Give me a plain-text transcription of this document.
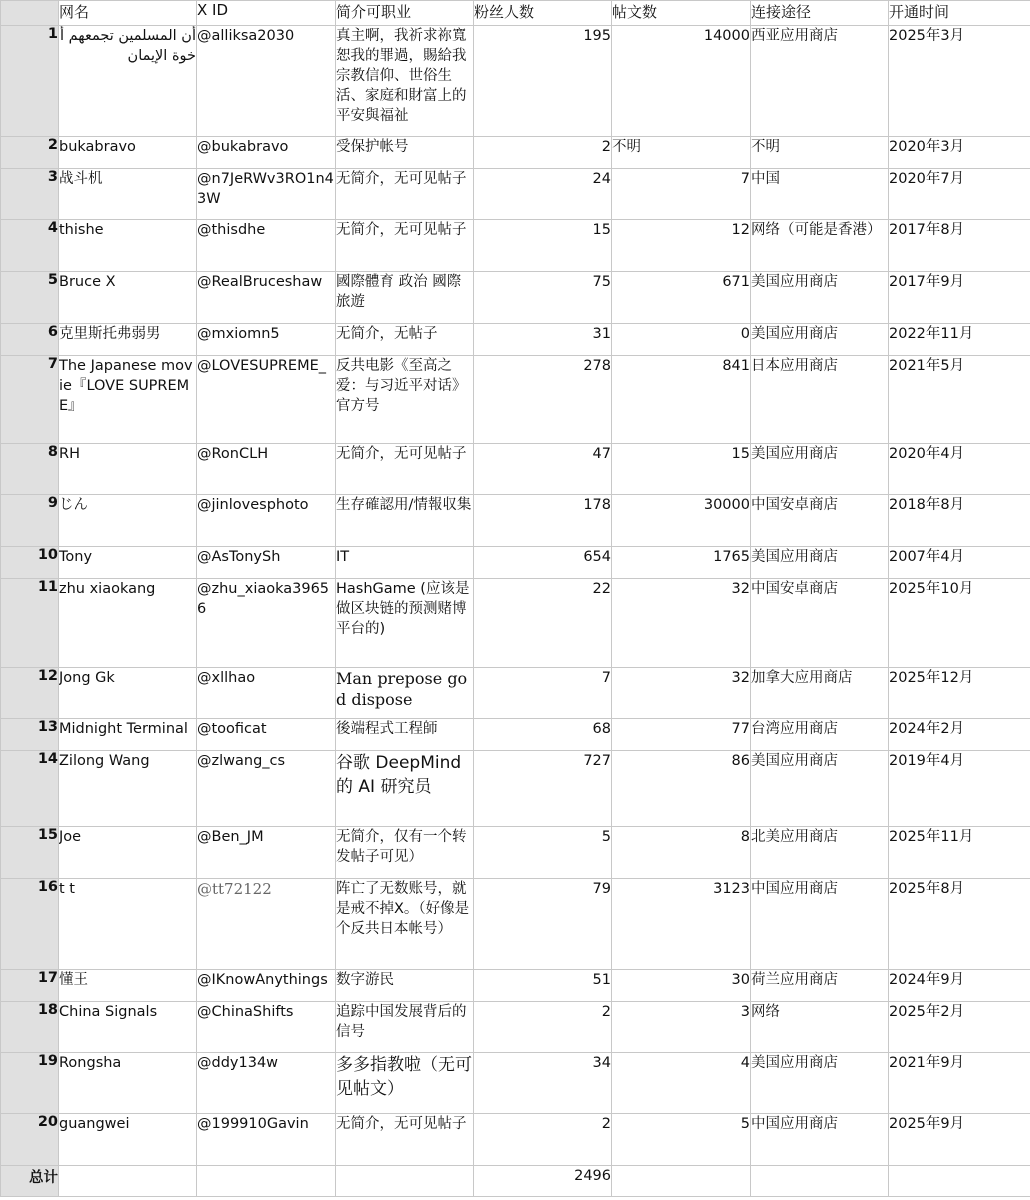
	网名	X ID	简介可职业	粉丝人数	帖文数	连接途径	开通时间
1	أن المسلمين تجمعهم أخوة الإيمان	@alliksa2030	真主啊，我祈求祢寬恕我的罪過，賜給我宗教信仰、世俗生活、家庭和財富上的平安與福祉	195	14000	西亚应用商店	2025年3月
2	bukabravo	@bukabravo	受保护帐号	2	不明	不明	2020年3月
3	战斗机	@n7JeRWv3RO1n43W	无简介，无可见帖子	24	7	中国	2020年7月
4	thishe	@thisdhe	无简介，无可见帖子	15	12	网络（可能是香港）	2017年8月
5	Bruce X	@RealBruceshaw	國際體育 政治 國際旅遊	75	671	美国应用商店	2017年9月
6	克里斯托弗弱男	@mxiomn5	无简介，无帖子	31	0	美国应用商店	2022年11月
7	The Japanese movie『LOVE SUPREME』	@LOVESUPREME_	反共电影《至高之爱：与习近平对话》官方号	278	841	日本应用商店	2021年5月
8	RH	@RonCLH	无简介，无可见帖子	47	15	美国应用商店	2020年4月
9	じん	@jinlovesphoto	生存確認用/情報収集	178	30000	中国安卓商店	2018年8月
10	Tony	@AsTonySh	IT	654	1765	美国应用商店	2007年4月
11	zhu xiaokang	@zhu_xiaoka39656	HashGame (应该是做区块链的预测赌博平台的)	22	32	中国安卓商店	2025年10月
12	Jong Gk	@xllhao	Man prepose god dispose	7	32	加拿大应用商店	2025年12月
13	Midnight Terminal	@tooficat	後端程式工程師	68	77	台湾应用商店	2024年2月
14	Zilong Wang	@zlwang_cs	谷歌 DeepMind 的 AI 研究员	727	86	美国应用商店	2019年4月
15	Joe	@Ben_JM	无简介，仅有一个转发帖子可见）	5	8	北美应用商店	2025年11月
16	t t	@tt72122	阵亡了无数账号，就是戒不掉X。（好像是个反共日本帐号）	79	3123	中国应用商店	2025年8月
17	懂王	@IKnowAnythings	数字游民	51	30	荷兰应用商店	2024年9月
18	China Signals	@ChinaShifts	追踪中国发展背后的信号	2	3	网络	2025年2月
19	Rongsha	@ddy134w	多多指教啦（无可见帖文）	34	4	美国应用商店	2021年9月
20	guangwei	@199910Gavin	无简介，无可见帖子	2	5	中国应用商店	2025年9月
总计				2496			
